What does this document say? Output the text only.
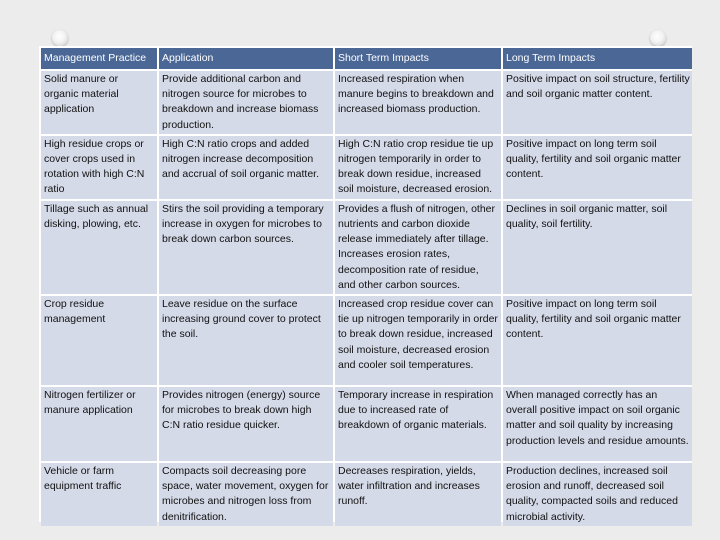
Management Practice	Application	Short Term Impacts	Long Term Impacts
Solid manure or organic material application	Provide additional carbon and nitrogen source for microbes to breakdown and increase biomass production.	Increased respiration when manure begins to breakdown and increased biomass production.	Positive impact on soil structure, fertility and soil organic matter content.
High residue crops or cover crops used in rotation with high C:N ratio	High C:N ratio crops and added nitrogen increase decomposition and accrual of soil organic matter.	High C:N ratio crop residue tie up nitrogen temporarily in order to break down residue, increased soil moisture, decreased erosion.	Positive impact on long term soil quality, fertility and soil organic matter content.
Tillage such as annual disking, plowing, etc.	Stirs the soil providing a temporary increase in oxygen for microbes to break down carbon sources.	Provides a flush of nitrogen, other nutrients and carbon dioxide release immediately after tillage. Increases erosion rates, decomposition rate of residue, and other carbon sources.	Declines in soil organic matter, soil quality, soil fertility.
Crop residue management	Leave residue on the surface increasing ground cover to protect the soil.	Increased crop residue cover can tie up nitrogen temporarily in order to break down residue, increased soil moisture, decreased erosion and cooler soil temperatures.	Positive impact on long term soil quality, fertility and soil organic matter content.
Nitrogen fertilizer or manure application	Provides nitrogen (energy) source for microbes to break down high C:N ratio residue quicker.	Temporary increase in respiration due to increased rate of breakdown of organic materials.	When managed correctly has an overall positive impact on soil organic matter and soil quality by increasing production levels and residue amounts.
Vehicle or farm equipment traffic	Compacts soil decreasing pore space, water movement, oxygen for microbes and nitrogen loss from denitrification.	Decreases respiration, yields, water infiltration and increases runoff.	Production declines, increased soil erosion and runoff, decreased soil quality, compacted soils and reduced microbial activity.
